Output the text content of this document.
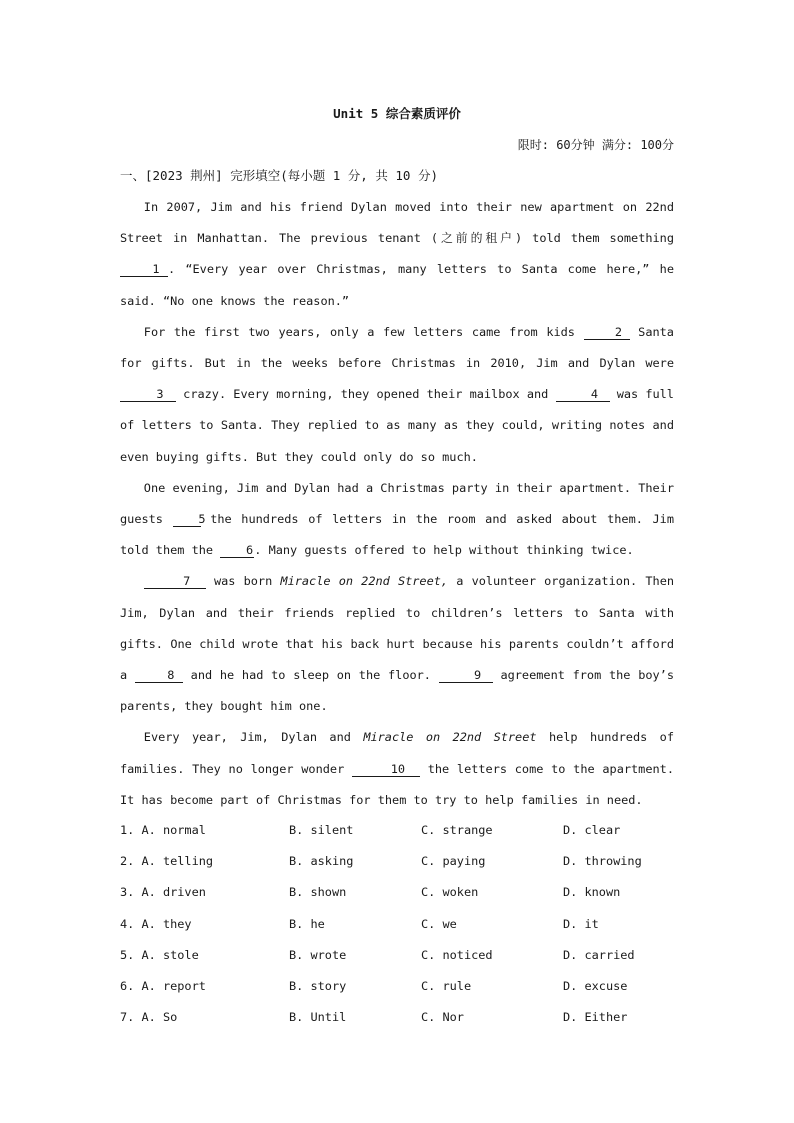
Unit 5 综合素质评价
限时: 60分钟 满分: 100分
一、[2023 荆州] 完形填空(每小题 1 分, 共 10 分)

In 2007, Jim and his friend Dylan moved into their new apartment on 22nd Street in Manhattan. The previous tenant (之前的租户) told them something 1 . “Every year over Christmas, many letters to Santa come here,” he said. “No one knows the reason.”

For the first two years, only a few letters came from kids	2 Santa for gifts. But in the weeks before Christmas in 2010, Jim and Dylan were 3 crazy. Every morning, they opened their mailbox and	4 was full of letters to Santa. They replied to as many as they could, writing notes and even buying gifts. But they could only do so much.

One evening, Jim and Dylan had a Christmas party in their apartment. Their guests	5 the hundreds of letters in the room and asked about them. Jim told them the	6. Many guests offered to help without thinking twice.

7 was born Miracle on 22nd Street, a volunteer organization. Then Jim, Dylan and their friends replied to children’s letters to Santa with gifts. One child wrote that his back hurt because his parents couldn’t afford a	8 and he had to sleep on the floor.	9 agreement from the boy’s parents, they bought him one.

Every year, Jim, Dylan and Miracle on 22nd Street help hundreds of families. They no longer wonder	10 the letters come to the apartment. It has become part of Christmas for them to try to help families in need.

1. A. normal	B. silent	C. strange	D. clear
2. A. telling	B. asking	C. paying	D. throwing
3. A. driven	B. shown	C. woken	D. known
4. A. they	B. he	C. we	D. it
5. A. stole	B. wrote	C. noticed	D. carried
6. A. report	B. story	C. rule	D. excuse
7. A. So	B. Until	C. Nor	D. Either
